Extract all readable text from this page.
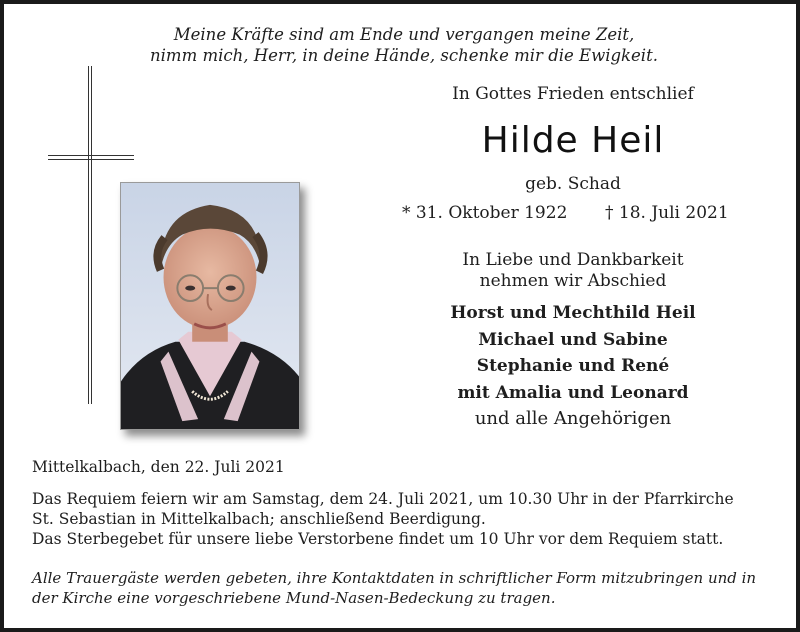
Meine Kräfte sind am Ende und vergangen meine Zeit,
nimm mich, Herr, in deine Hände, schenke mir die Ewigkeit.
In Gottes Frieden entschlief
Hilde Heil
geb. Schad
* 31. Oktober 1922 † 18. Juli 2021
In Liebe und Dankbarkeit
nehmen wir Abschied
Horst und Mechthild Heil
Michael und Sabine
Stephanie und René
mit Amalia und Leonard
und alle Angehörigen
Mittelkalbach, den 22. Juli 2021
Das Requiem feiern wir am Samstag, dem 24. Juli 2021, um 10.30 Uhr in der Pfarrkirche
St. Sebastian in Mittelkalbach; anschließend Beerdigung.
Das Sterbegebet für unsere liebe Verstorbene findet um 10 Uhr vor dem Requiem statt.
Alle Trauergäste werden gebeten, ihre Kontaktdaten in schriftlicher Form mitzubringen und in
der Kirche eine vorgeschriebene Mund-Nasen-Bedeckung zu tragen.
